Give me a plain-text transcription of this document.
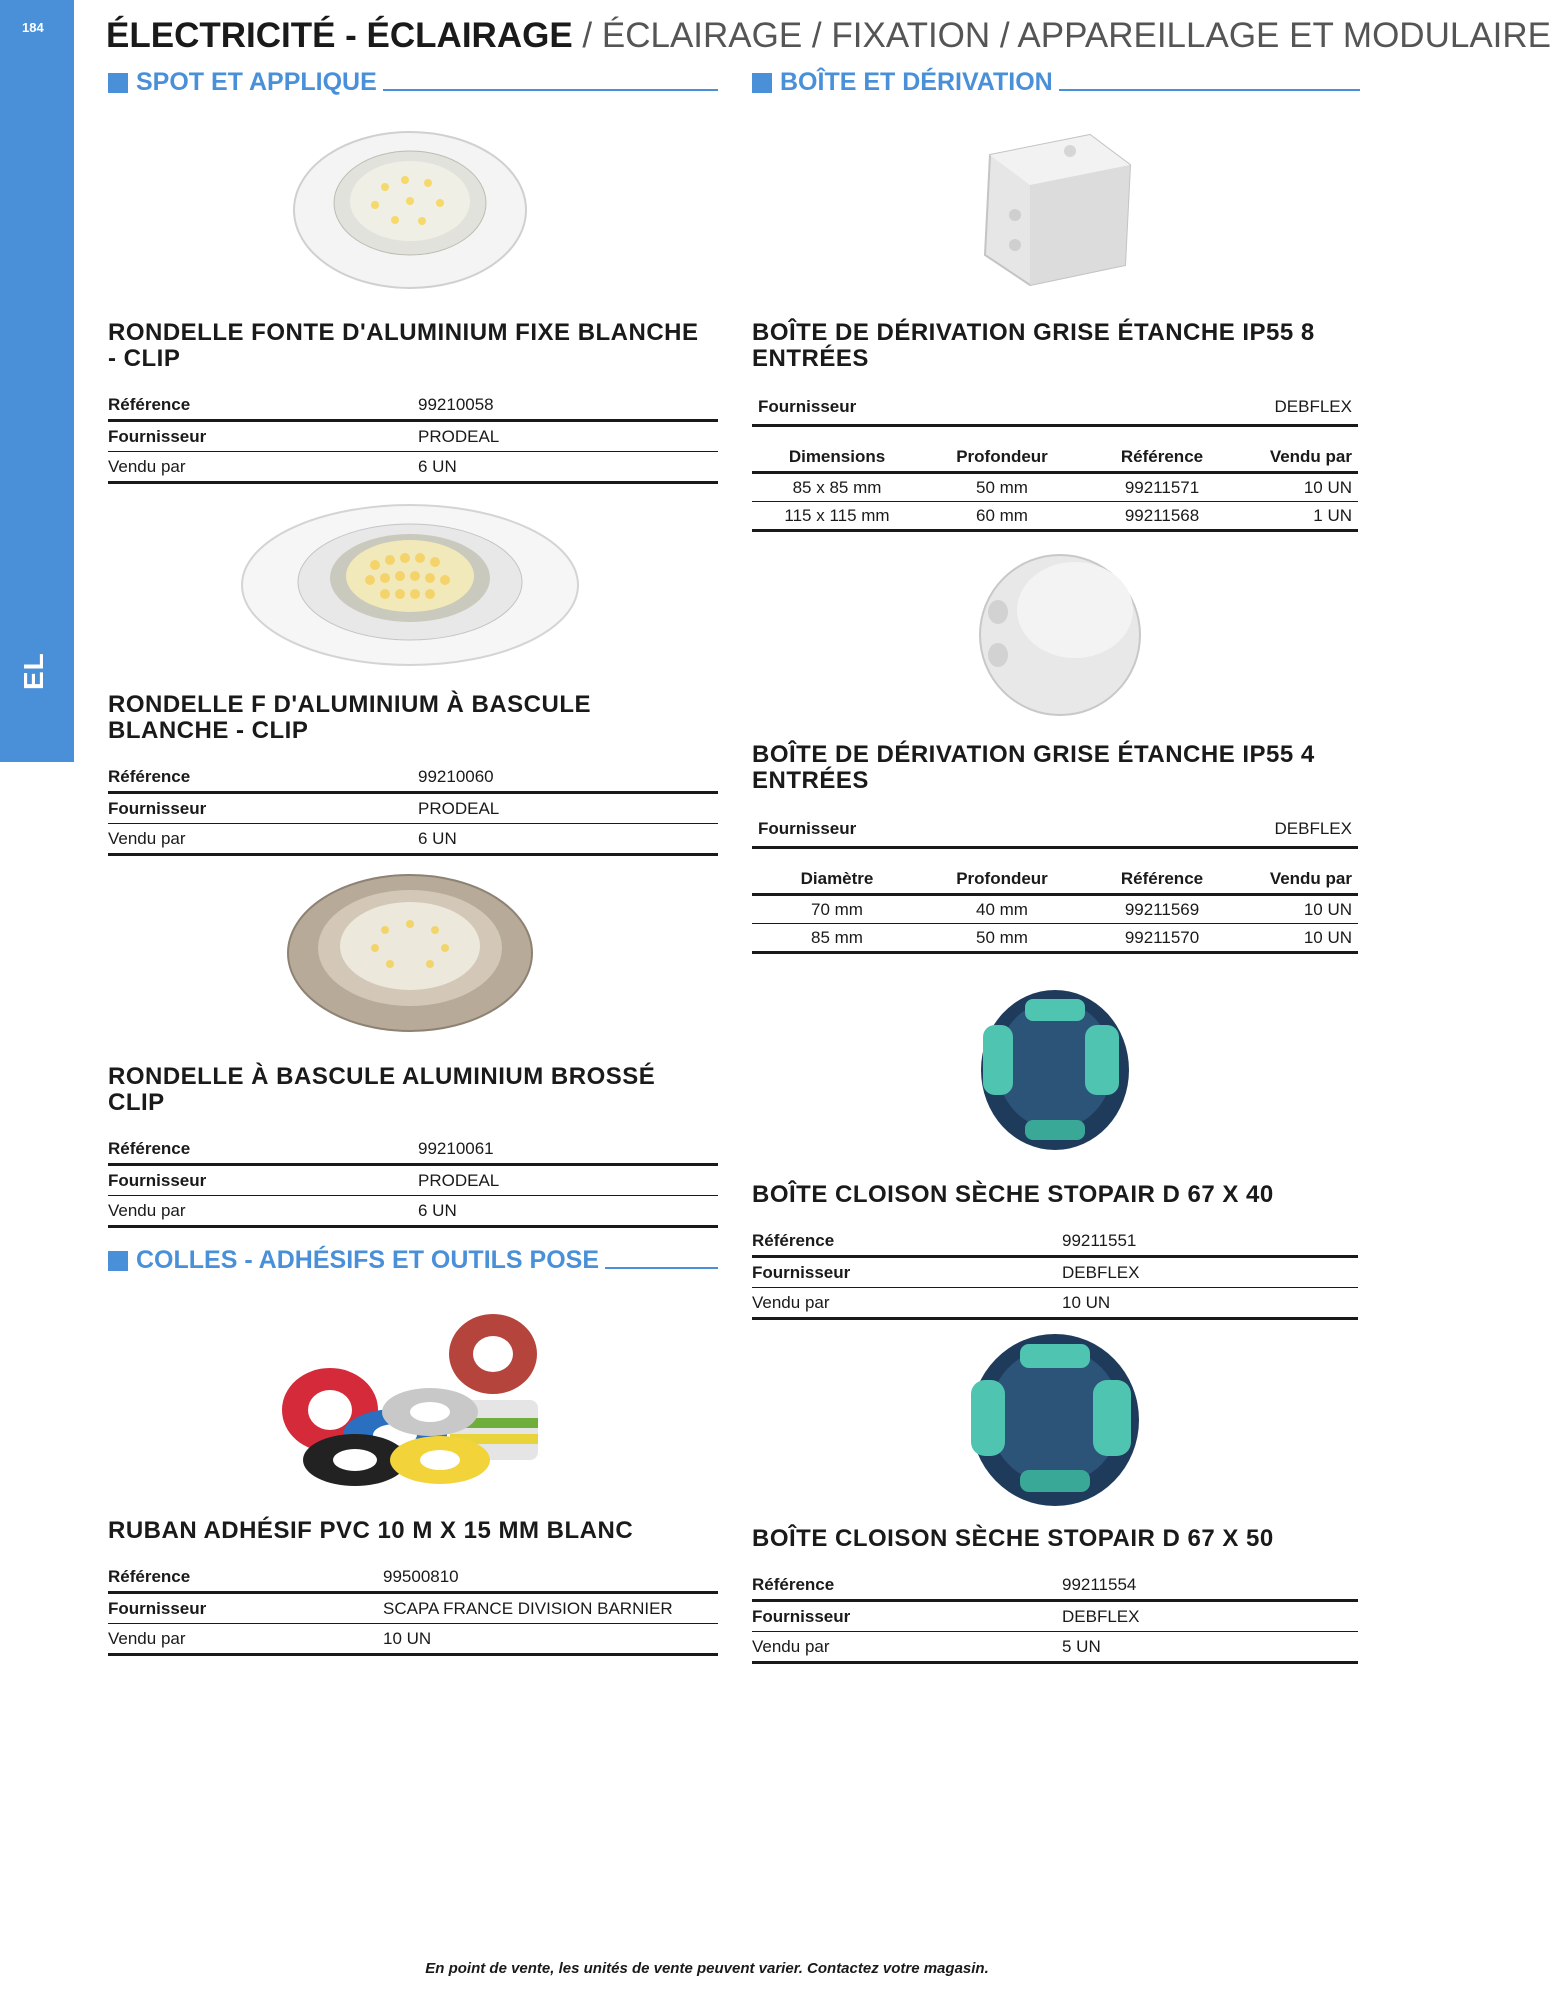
184
EL
ÉLECTRICITÉ - ÉCLAIRAGE / ÉCLAIRAGE / FIXATION / APPAREILLAGE ET MODULAIRE
SPOT ET APPLIQUE
RONDELLE FONTE D'ALUMINIUM FIXE BLANCHE - CLIP
Référence	99210058
Fournisseur	PRODEAL
Vendu par	6 UN
RONDELLE F D'ALUMINIUM À BASCULE BLANCHE - CLIP
Référence	99210060
Fournisseur	PRODEAL
Vendu par	6 UN
RONDELLE À BASCULE ALUMINIUM BROSSÉ CLIP
Référence	99210061
Fournisseur	PRODEAL
Vendu par	6 UN
COLLES - ADHÉSIFS ET OUTILS POSE
RUBAN ADHÉSIF PVC 10 M X 15 MM BLANC
Référence	99500810
Fournisseur	SCAPA FRANCE DIVISION BARNIER
Vendu par	10 UN
BOÎTE ET DÉRIVATION
BOÎTE DE DÉRIVATION GRISE ÉTANCHE IP55 8 ENTRÉES
Fournisseur	DEBFLEX
Dimensions	Profondeur	Référence	Vendu par
85 x 85 mm	50 mm	99211571	10 UN
115 x 115 mm	60 mm	99211568	1 UN
BOÎTE DE DÉRIVATION GRISE ÉTANCHE IP55 4 ENTRÉES
Fournisseur	DEBFLEX
Diamètre	Profondeur	Référence	Vendu par
70 mm	40 mm	99211569	10 UN
85 mm	50 mm	99211570	10 UN
BOÎTE CLOISON SÈCHE STOPAIR D 67 X 40
Référence	99211551
Fournisseur	DEBFLEX
Vendu par	10 UN
BOÎTE CLOISON SÈCHE STOPAIR D 67 X 50
Référence	99211554
Fournisseur	DEBFLEX
Vendu par	5 UN
En point de vente, les unités de vente peuvent varier. Contactez votre magasin.
